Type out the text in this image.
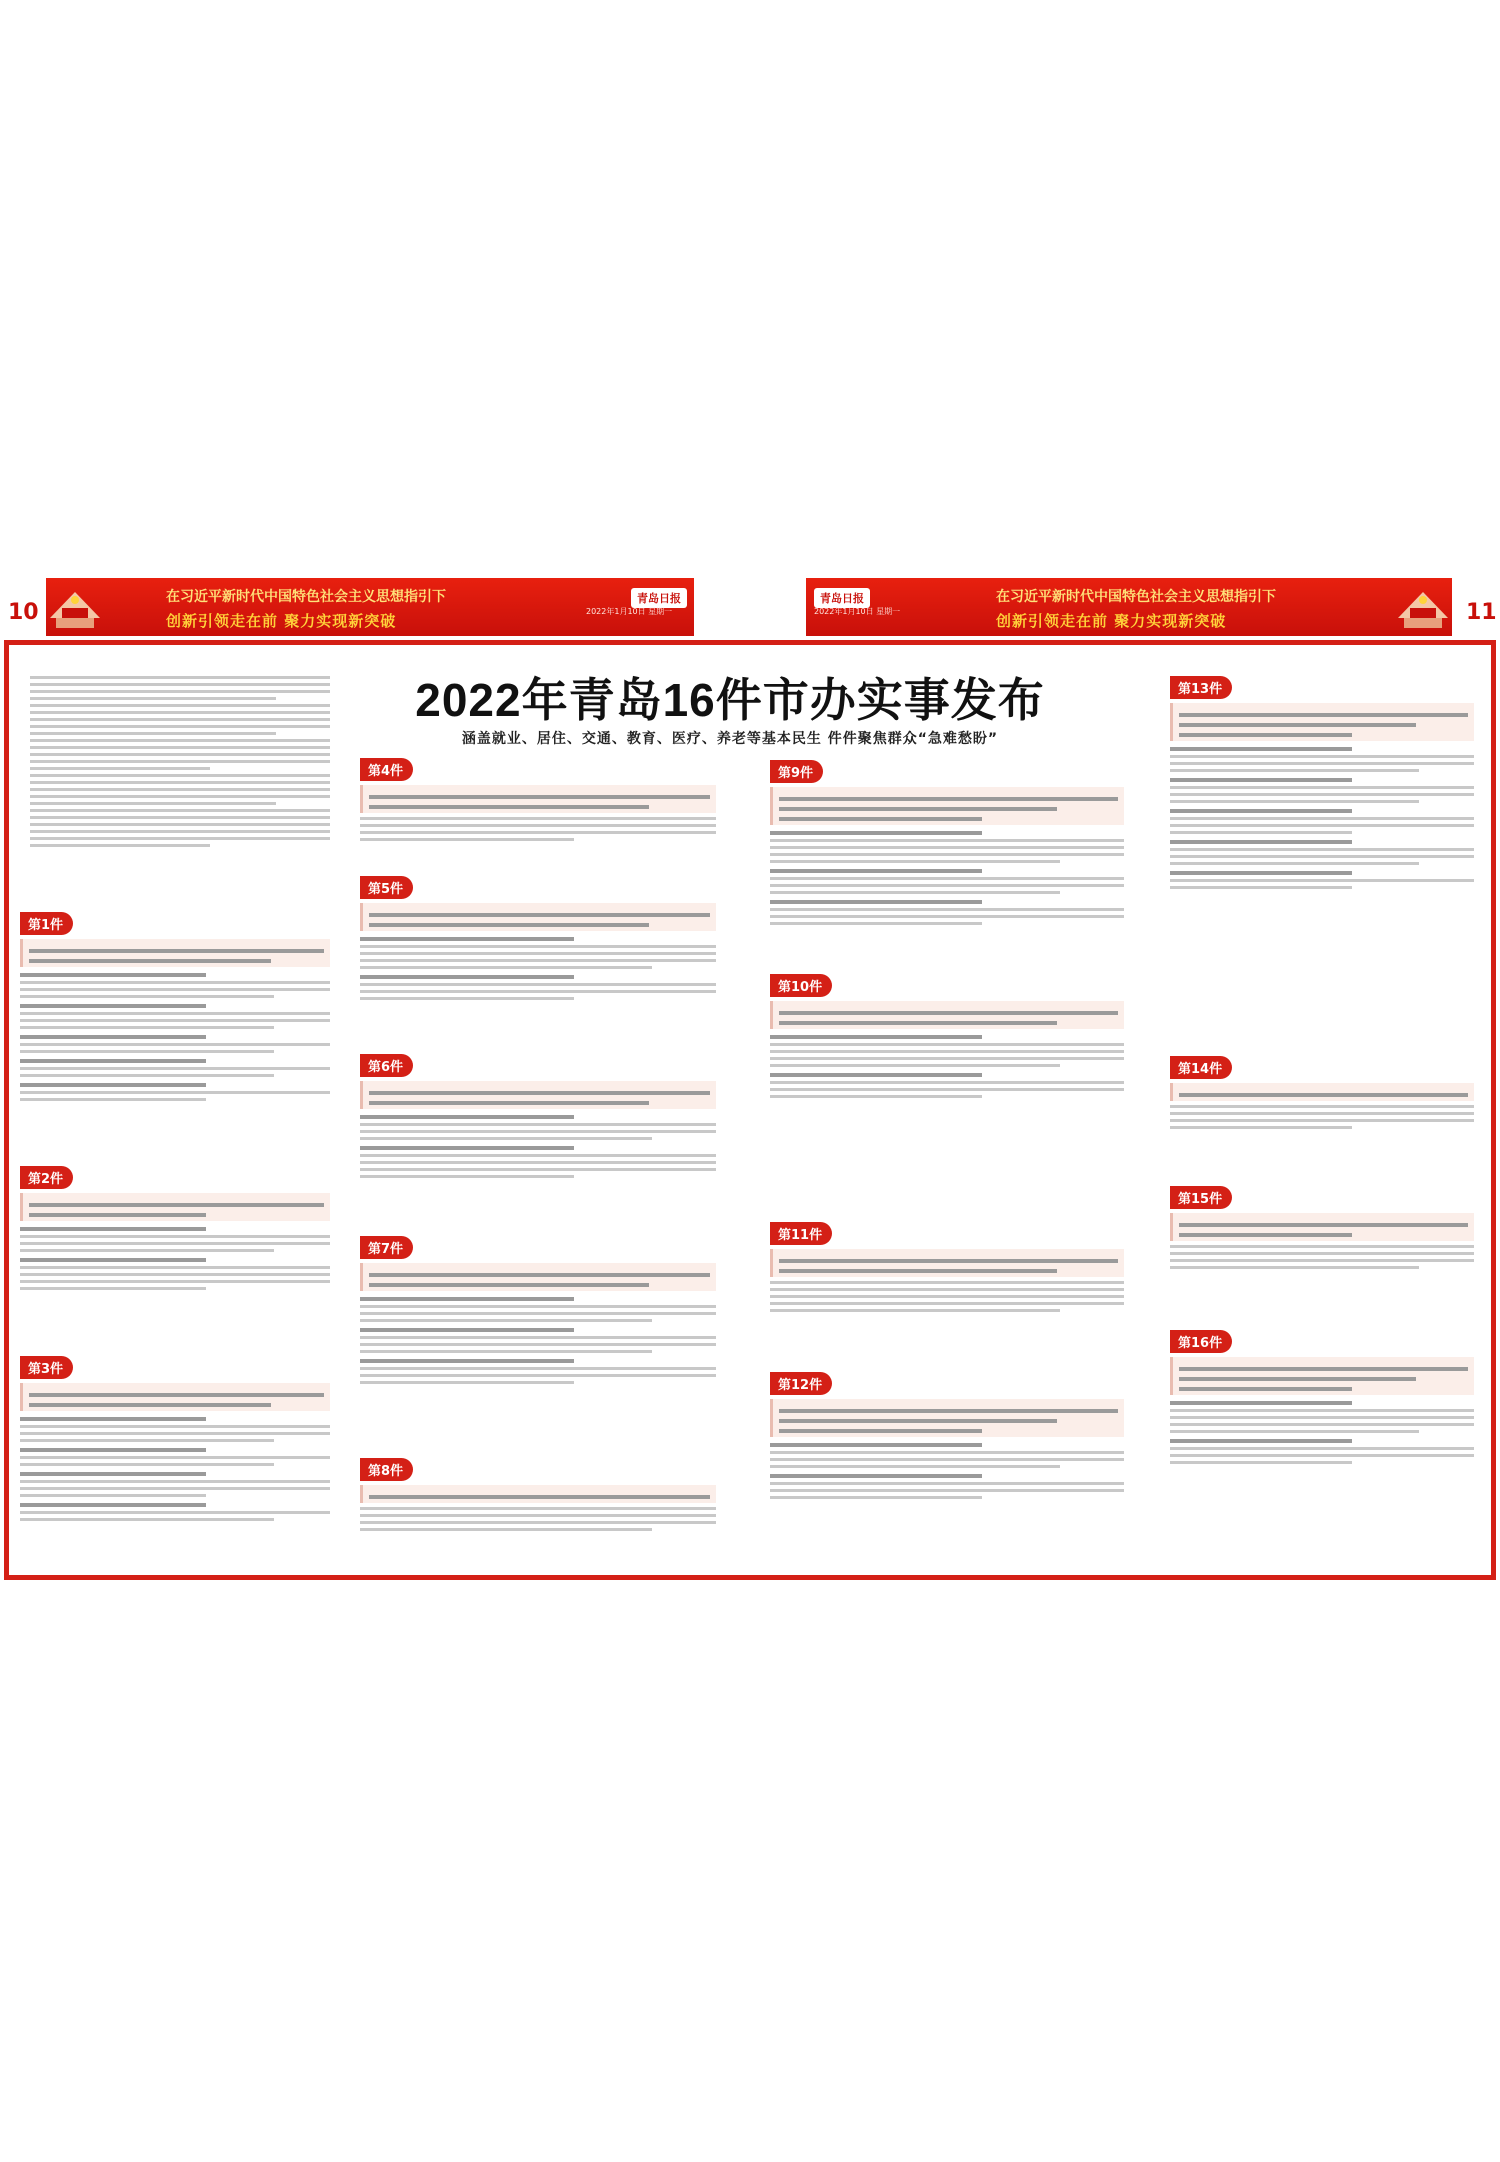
10	11
在习近平新时代中国特色社会主义思想指引下
创新引领走在前 聚力实现新突破
青岛日报
2022年1月10日 星期一
青岛日报
2022年1月10日 星期一
在习近平新时代中国特色社会主义思想指引下
创新引领走在前 聚力实现新突破
2022年青岛16件市办实事发布
涵盖就业、居住、交通、教育、医疗、养老等基本民生 件件聚焦群众“急难愁盼”
第1件
第2件
第3件
第4件
第5件
第6件
第7件
第8件
第9件
第10件
第11件
第12件
第13件
第14件
第15件
第16件
